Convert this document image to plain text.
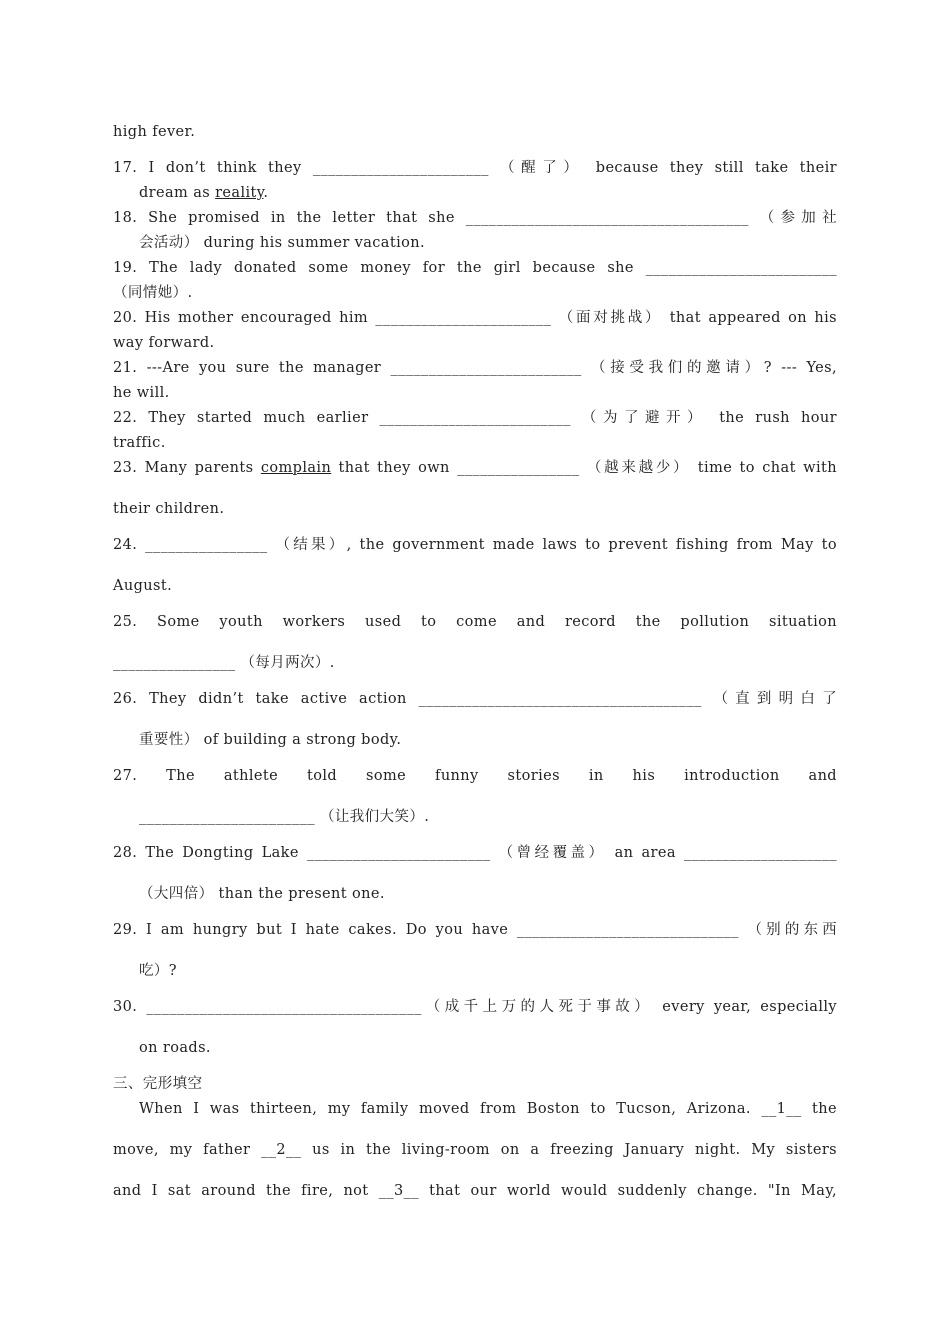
high fever.
17. I don’t think they _______________________ （醒了） because they still take their
dream as reality.
18. She promised in the letter that she _____________________________________ （参加社
会活动） during his summer vacation.
19. The lady donated some money for the girl because she _________________________
（同情她）.
20. His mother encouraged him _______________________ （面对挑战） that appeared on his
way forward.
21. ---Are you sure the manager _________________________ （接受我们的邀请）? --- Yes,
he will.
22. They started much earlier _________________________ （为了避开） the rush hour
traffic.
23. Many parents complain that they own ________________ （越来越少） time to chat with
their children.
24. ________________ （结果）, the government made laws to prevent fishing from May to
August.
25. Some youth workers used to come and record the pollution situation
________________ （每月两次）.
26. They didn’t take active action _____________________________________ （直到明白了
重要性） of building a strong body.
27. The athlete told some funny stories in his introduction and
_______________________ （让我们大笑）.
28. The Dongting Lake ________________________ （曾经覆盖） an area ____________________
（大四倍） than the present one.
29. I am hungry but I hate cakes. Do you have _____________________________ （别的东西
吃）?
30. ____________________________________（成千上万的人死于事故） every year, especially
on roads.
三、完形填空
When I was thirteen, my family moved from Boston to Tucson, Arizona. __1__ the
move, my father __2__ us in the living-room on a freezing January night. My sisters
and I sat around the fire, not __3__ that our world would suddenly change. "In May,
